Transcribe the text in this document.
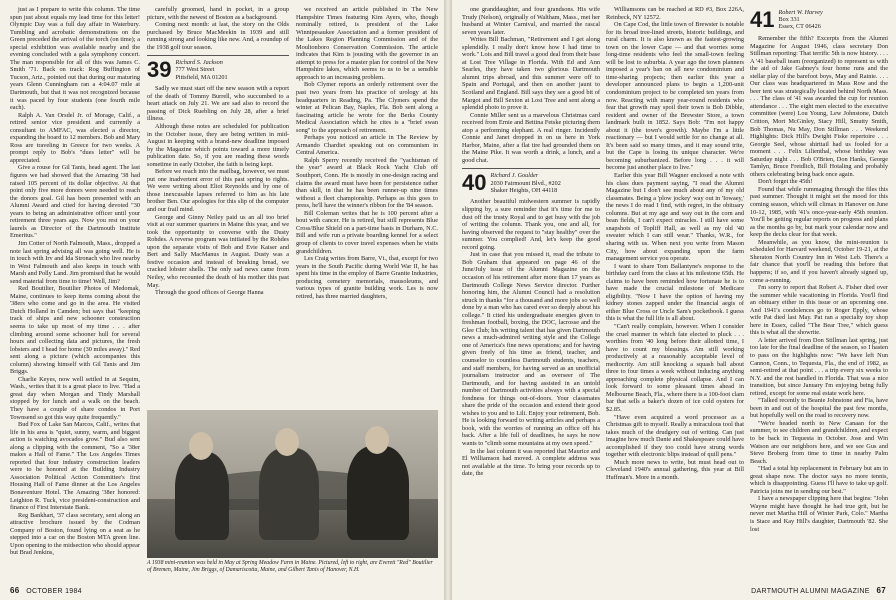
just as I prepare to write this column. The time spun just about equals my lead time for this letter! Olympic Day was a full day affair in Waterbury. Tumbling and acrobatic demonstrations on the Green preceded the arrival of the torch (on time); a special exhibition was available nearby and the evening concluded with a gala symphony concert. The man responsible for all of this was James C. Smith '71. Back on track: Rog Buffington of Tucson, Ariz., pointed out that during our maturing years Glenn Cunningham ran a 4:04.07 mile at Dartmouth, but that it was not recognized because it was paced by four students (one fourth mile each).

Ralph A. Van Orsdel Jr. of Morage, Calif., a retired senior vice president and currently a consultant to AMFAC, was elected a director, expanding the board to 12 members. Bob and Mary Ross are traveling in Greece for two weeks. A prompt reply to Bob's "dues letter" will be appreciated.

Give a rouse for Gil Tanis, head agent. The last figures we had showed that the Amazing '38 had raised 105 percent of its dollar objective. At that point only five more donors were needed to reach the donors goal. Gil has been presented with an Alumni Award and cited for having devoted "30 years to being an administrative officer until your retirement three years ago. Now you rest on your laurels as Director of the Dartmouth Institute Emeritus."

Jim Cotter of North Falmouth, Mass., dropped a note last spring advising all was going well. He is in touch with Irv and Ida Stronach who live nearby in West Falmouth and also keeps in touch with Marsh and Polly Land. Jim promised that he would send material from time to time! Well, Jim?

Red Boutilier, Boutilier Photos of Medomak, Maine, continues to keep items coming about the '38ers who come and go in the area. He visited Dutch Holland in Camden; but says that "keeping track of ships and new schooner construction seems to take up most of my time . . . after climbing around some schooner hull for several hours and collecting data and pictures, the fresh lobsters and I head for home (30 miles away)." Red sent along a picture (which accompanies this column) showing himself with Gil Tanis and Jim Briggs.

Charlie Keyes, now well settled in at Sequim, Wash., writes that it is a great place to live. "Had a great day when Morgan and Tindy Marshall stopped by for lunch and a walk on the beach. They have a couple of share condos in Port Townsend so got this way quite frequently."

Bud Fox of Lake San Marcos, Calif., writes that life in his area is "quiet, sunny, warm, and biggest action is watching avocados grow." Bud also sent along a clipping with the comment, "So a '38er makes a Hall of Fame." The Los Angeles Times reported that four industry construction leaders were to be honored at the Building Industry Association Political Action Committee's first Housing Hall of Fame dinner at the Los Angeles Bonaventure Hotel. The Amazing '38er honored: Leighton R. Tuck, vice president-construction and finance of First Interstate Bank.

Reg Bankhart, '37 class secretary, sent along an attractive brochure issued by the Codman Company of Boston, found lying on a seat as he stepped into a car on the Boston MTA green line. Upon opening to the midsection who should appear but Brad Jenkins,

carefully groomed, hand in pocket, in a group picture, with the newest of Boston as a background.

Coming next month: at last, the story on the Olds purchased by Bruce MacMeekin in 1939 and still running strong and looking like new. And, a roundup of the 1938 golf tour season.

39 Richard S. Jackson
777 West Street
Pittsfield, MA 01201

Sadly we must start off the new season with a report of the death of Tommy Burrell, who succumbed to a heart attack on July 21. We are sad also to record the passing of Dick Ruebling on July 28, after a brief illness.

Although these notes are scheduled for publication in the October issue, they are being written in mid-August in keeping with a brand-new deadline imposed by the Magazine which points toward a more timely publication date. So, if you are reading these words sometime in early October, the faith is being kept.

Before we reach into the mailbag, however, we must put one inadvertent error of this past spring to rights. We were writing about Eliot Reynolds and by one of those inexcusable lapses referred to him as his late brother Ben. Our apologies for this slip of the computer and our frail mind.

George and Ginny Neiley paid us an all too brief visit at our summer quarters in Maine this year, and we took the opportunity to converse with the Dusty Rohdes. A reverse program was initiated by the Rohdes upon the separate visits of Bob and Evie Kaiser and Bert and Sally MacManus in August. Dusty was a festive occasion and instead of breaking bread, we cracked lobster shells. The only sad news came from Neiley, who recounted the death of his mother this past May.

Through the good offices of George Hanna

we received an article published in The New Hampshire Times featuring Kim Ayers, who, though nominally retired, is president of the Lake Winnipesaukee Association and a former president of the Lakes Region Planning Commission and of the Moultonboro Conservation Commission. The article indicates that Kim is jousting with the governor in an attempt to press for a master plan for control of the New Hampshire lakes, which seems to us to be a sensible approach to an increasing problem.

Bob Clymer reports an orderly retirement over the past two years from his practice of urology at his headquarters in Reading, Pa. The Clymers spend the winter at Pelican Bay, Naples, Fla. Bob sent along a fascinating article he wrote for the Berks County Medical Association which he cites is a "brief swan song" to the approach of retirement.

Perhaps you noticed an article in The Review by Armando Chardiet speaking out on communism in Central America.

Ralph Sperry recently received the "yachtsman of the year" award at Black Rock Yacht Club off Southport, Conn. He is mostly in one-design racing and claims the award must have been for persistence rather than skill, in that he has been runner-up nine times without a fleet championship. Perhaps as this goes to press, he'll have the winner's ribbon for the '84 season.

Bill Coleman writes that he is 100 percent after a bout with cancer. He is retired, but still represents Blue Cross/Blue Shield on a part-time basis in Durham, N.C. Bill and wife run a private boarding kennel for a select group of clients to cover travel expenses when he visits grandchildren.

Les Craig writes from Barre, Vt., that, except for two years in the South Pacific during World War II, he has spent his time in the employ of Barre Granite Industries, producing cemetery memorials, mausoleums, and various types of granite building work. Les is now retired, has three married daughters,

A 1938 mini-reunion was held in May at Spring Meadow Farm in Maine. Pictured, left to right, are Everett "Red" Boutilier of Bremen, Maine, Jim Briggs, of Damariscotta, Maine, and Gilbert Tanis of Hanover, N.H.
66 OCTOBER 1984

one granddaughter, and four grandsons. His wife Trudy (Nelson), originally of Waltham, Mass., met her husband at Winter Carnival, and married the rascal seven years later.

Writes Bill Bachman, "Retirement and I get along splendidly. I really don't know how I had time to work." Lois and Bill travel a good deal from their base at Lost Tree Village in Florida. With Ed and Ann Searles, they have taken two glorious Dartmouth alumni trips abroad, and this summer were off to Spain and Portugal, and then on another jaunt to Scotland and England. Bill says they see a good bit of Margot and Bill Sexton at Lost Tree and sent along a splendid photo to prove it.

Connie Miller sent us a marvelous Christmas card received from Ernie and Bettina Fetske picturing them atop a performing elephant. A real ringer. Incidently Connie and Janet dropped in on us here in York Harbor, Maine, after a flat tire had grounded them on the Maine Pike. It was worth a drink, a lunch, and a good chat.

40 Richard J. Goulder
2030 Fairmount Blvd., #202
Shaker Heights, OH 44118

Another beautiful midwestern summer is rapidly slipping by, a sure reminder that it's time for me to dust off the trusty Royal and to get busy with the job of writing the column. Thank you, one and all, for having observed the request to "stay healthy" over the summer. You complied! And, let's keep the good record going.

Just in case that you missed it, read the tribute to Bob Graham that appeared on page 46 of the June/July issue of the Alumni Magazine on the occasion of his retirement after more than 17 years as Dartmouth College News Service director. Further honoring him, the Alumni Council had a resolution struck in thanks "for a thousand and more jobs so well done by a man who has cared ever so deeply about his college." It cited his undergraduate energies given to freshman football, boxing, the DOC, lacrosse and the Glee Club; his writing talent that has given Dartmouth news a much-admired writing style and the College one of America's fine news operations; and for having given freely of his time as friend, teacher, and counselor to countless Dartmouth students, teachers, and staff members, for having served as an unofficial journalism instructor and as overseer of The Dartmouth, and for having assisted in an untold number of Dartmouth activities always with a special fondness for things out-of-doors. Your classmates share the pride of the occasion and extend their good wishes to you and to Lili. Enjoy your retirement, Bob. He is looking forward to writing articles and perhaps a book, with the worries of running an office off his back. After a life full of deadlines, he says he now wants to "climb some mountains at my own speed."

In the last column it was reported that Maurice and El Williamson had moved. A complete address was not available at the time. To bring your records up to date, the

Williamsons can be reached at RD #3, Box 226A, Reinbeck, NY 12572.

On Cape Cod, the little town of Brewster is notable for its broad tree-lined streets, historic buildings, and rural charm. It is also known as the fastest-growing town on the lower Cape — and that worries some long-time residents who feel the small-town feeling will be lost to suburbia. A year ago the town planners imposed a year's ban on all new condominium and time-sharing projects; then earlier this year a developer announced plans to begin a 1,200-unit condominium project to be completed ten years from now. Reacting with many year-round residents who fear that growth may spoil their town is Bob Dibble, resident and owner of the Brewster Store, a town landmark built in 1852. Says Bob: "I'm not happy about it (the town's growth). Maybe I'm a little reactionary — but I would settle for no change at all. It's been said so many times, and it may sound trite, but the Cape is losing its unique character. We're becoming suburbanized. Before long . . . it will become just another place to live."

Earlier this year Bill Wagner enclosed a note with his class dues payment saying, "I read the Alumni Magazine but I don't see much about any of my old classmates. Being a 'plow jockey' way out in 'Iowaey,' the news I do read I find, with regret, in the obituary columns. But at my age and way out in the corn and bean fields, I can't expect miracles. I still have some snapshots of Topliff Hall, as well as my old '40 sweater which I can still wear." Thanks, W.R., for sharing with us. When next you write from Mason City, how about expanding upon the farm management service you operate.

I want to share Tom Ballantyne's response to the birthday card from the class at his milestone 65th. He claims to have been reminded how fortunate he is to have made the crucial milestone of Medicare eligibility. "Now I have the option of having my kidney stones zapped under the financial aegis of either Blue Cross or Uncle Sam's pocketbook. I guess this is what the full life is all about.

"Can't really complain, however. When I consider the cruel manner in which fate elected to pluck . . . worthies from '40 long before their allotted time, I have to count my blessings. Am still working productively at a reasonably acceptable level of mediocrity. Am still knocking a squash ball about three to four times a week without inducing anything approaching complete physical collapse. And I can look forward to some pleasant times ahead in Melbourne Beach, Fla., where there is a 100-foot clam bar that sells a baker's dozen of ice cold oysters for $2.85.

"Have even acquired a word processor as a Christmas gift to myself. Really a miraculous tool that takes much of the drudgery out of writing. Can just imagine how much Dante and Shakespeare could have accomplished if they too could have strung words together with electronic blips instead of quill pens."

Much more news to write, but must head out to Cleveland 1940's annual gathering, this year at Bill Huffman's. More in a month.

41 Robert W. Harvey
Box 331
Essex, CT 06426

Remember the fifth? Excerpts from the Alumni Magazine for August 1946, class secretary Don Stillman reporting: That terrific 5th is now history. . . . A '41 baseball team (reorganized) to represent us with the aid of Jake Gabney's four home runs and the stellar play of the barefoot boys, May and Rainie. . . . Our class was headquartered in Mass Row and the beer tent was strategically located behind North Mass. . . . The class of '41 was awarded the cup for reunion attendance . . . The eight men elected to the executive committee (were) Lou Young, Lew Johnstone, Dutch Critton, Mort McGinley, Stacy Hill, Smutty Smith, Bob Thomas, Nu May, Don Stillman . . . Weekend Highlights: Dick Hill's Dwight Fiske repertoire . . . Georgie Seel, whose shirttail had us fooled for a moment . . . Felix Lilienthal, whose birthday was Saturday night . . . Bob O'Brien, Don Hanks, George Tamlyn, Bruce Freidlich, Bill Hotaling and probably others celebrating being back once again.

Don't forget the 45th!

Found that while rummaging through the files this past summer. Thought it might set the mood for this coming season, which will climax in Hanover on June 10-12, 1985, with '41's once-year-early 45th reunion. You'll be getting regular reports on progress and plans as the months go by, but mark your calendar now and keep the decks clear for that week.

Meanwhile, as you know, the mini-reunion is scheduled for Harvard weekend, October 19-21, at the Sheraton North Country Inn in West Leb. There's a fair chance that you'll be reading this before that happens; if so, and if you haven't already signed up, come a-running.

I'm sorry to report that Robert A. Fisher died over the summer while vacationing in Florida. You'll find an obituary either in this issue or an upcoming one. And 1941's condolences go to Roger Epply, whose wife Pat died last May. Pat ran a specialty toy shop here in Essex, called "The Bear Tree," which guess this is what all the showrite.

A letter arrived from Don Stillman last spring, just too late for the final deadline of the season, so I hasten to pass on the highlights now: "We have left Nun Cannon, Conn., to Tequesta, Fla., the end of 1982, as semi-retired at that point . . . a trip every six weeks to N.Y. and the rest handled in Florida. That was a nice transition, but since January I'm enjoying being fully retired, except for some real estate work here.

"Talked recently to Beanie Johnstone and Fia, have been in and out of the hospital the past few months, but hopefully well on the road to recovery now.

"We're headed north to New Canaan for the summer, to see children and grandchildren, and expect to be back in Tequesta in October. Jose and Win Watson are our neighbors here, and we see Gus and Steve Broberg from time to time in nearby Palm Beach.

"Had a total hip replacement in February but am in great shape now. The doctor says no more tennis, which is disappointing. Guess I'll have to take up golf. Patricia joins me in sending our best."

I have a newspaper clipping here that begins: "John Wayne might have thought he had true grit, but he never met Martha Hill of Winter Park, Colo." Martha is Stace and Kay Hill's daughter, Dartmouth '82. She lost

DARTMOUTH ALUMNI MAGAZINE 67
